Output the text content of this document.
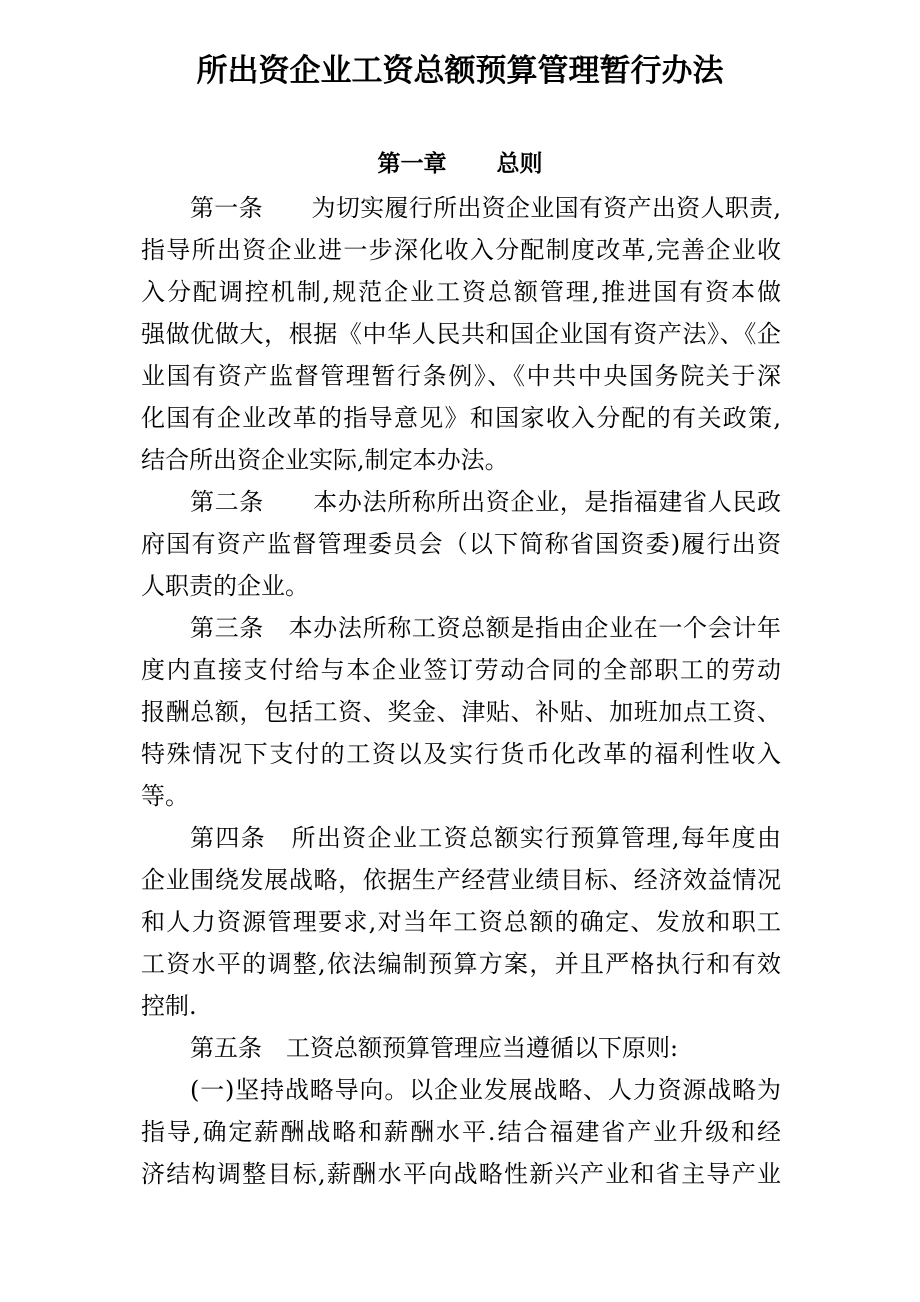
所出资企业工资总额预算管理暂行办法
第一章 总则

第一条　　为切实履行所出资企业国有资产出资人职责,

指导所出资企业进一步深化收入分配制度改革,完善企业收

入分配调控机制,规范企业工资总额管理,推进国有资本做

强做优做大，根据《中华人民共和国企业国有资产法》、《企

业国有资产监督管理暂行条例》、《中共中央国务院关于深

化国有企业改革的指导意见》和国家收入分配的有关政策,

结合所出资企业实际,制定本办法。

第二条　　本办法所称所出资企业，是指福建省人民政

府国有资产监督管理委员会（以下简称省国资委)履行出资

人职责的企业。

第三条　本办法所称工资总额是指由企业在一个会计年

度内直接支付给与本企业签订劳动合同的全部职工的劳动

报酬总额，包括工资、奖金、津贴、补贴、加班加点工资、

特殊情况下支付的工资以及实行货币化改革的福利性收入

等。

第四条　所出资企业工资总额实行预算管理,每年度由

企业围绕发展战略，依据生产经营业绩目标、经济效益情况

和人力资源管理要求,对当年工资总额的确定、发放和职工

工资水平的调整,依法编制预算方案，并且严格执行和有效

控制.

第五条　工资总额预算管理应当遵循以下原则:

(一)坚持战略导向。以企业发展战略、人力资源战略为

指导,确定薪酬战略和薪酬水平.结合福建省产业升级和经

济结构调整目标,薪酬水平向战略性新兴产业和省主导产业
